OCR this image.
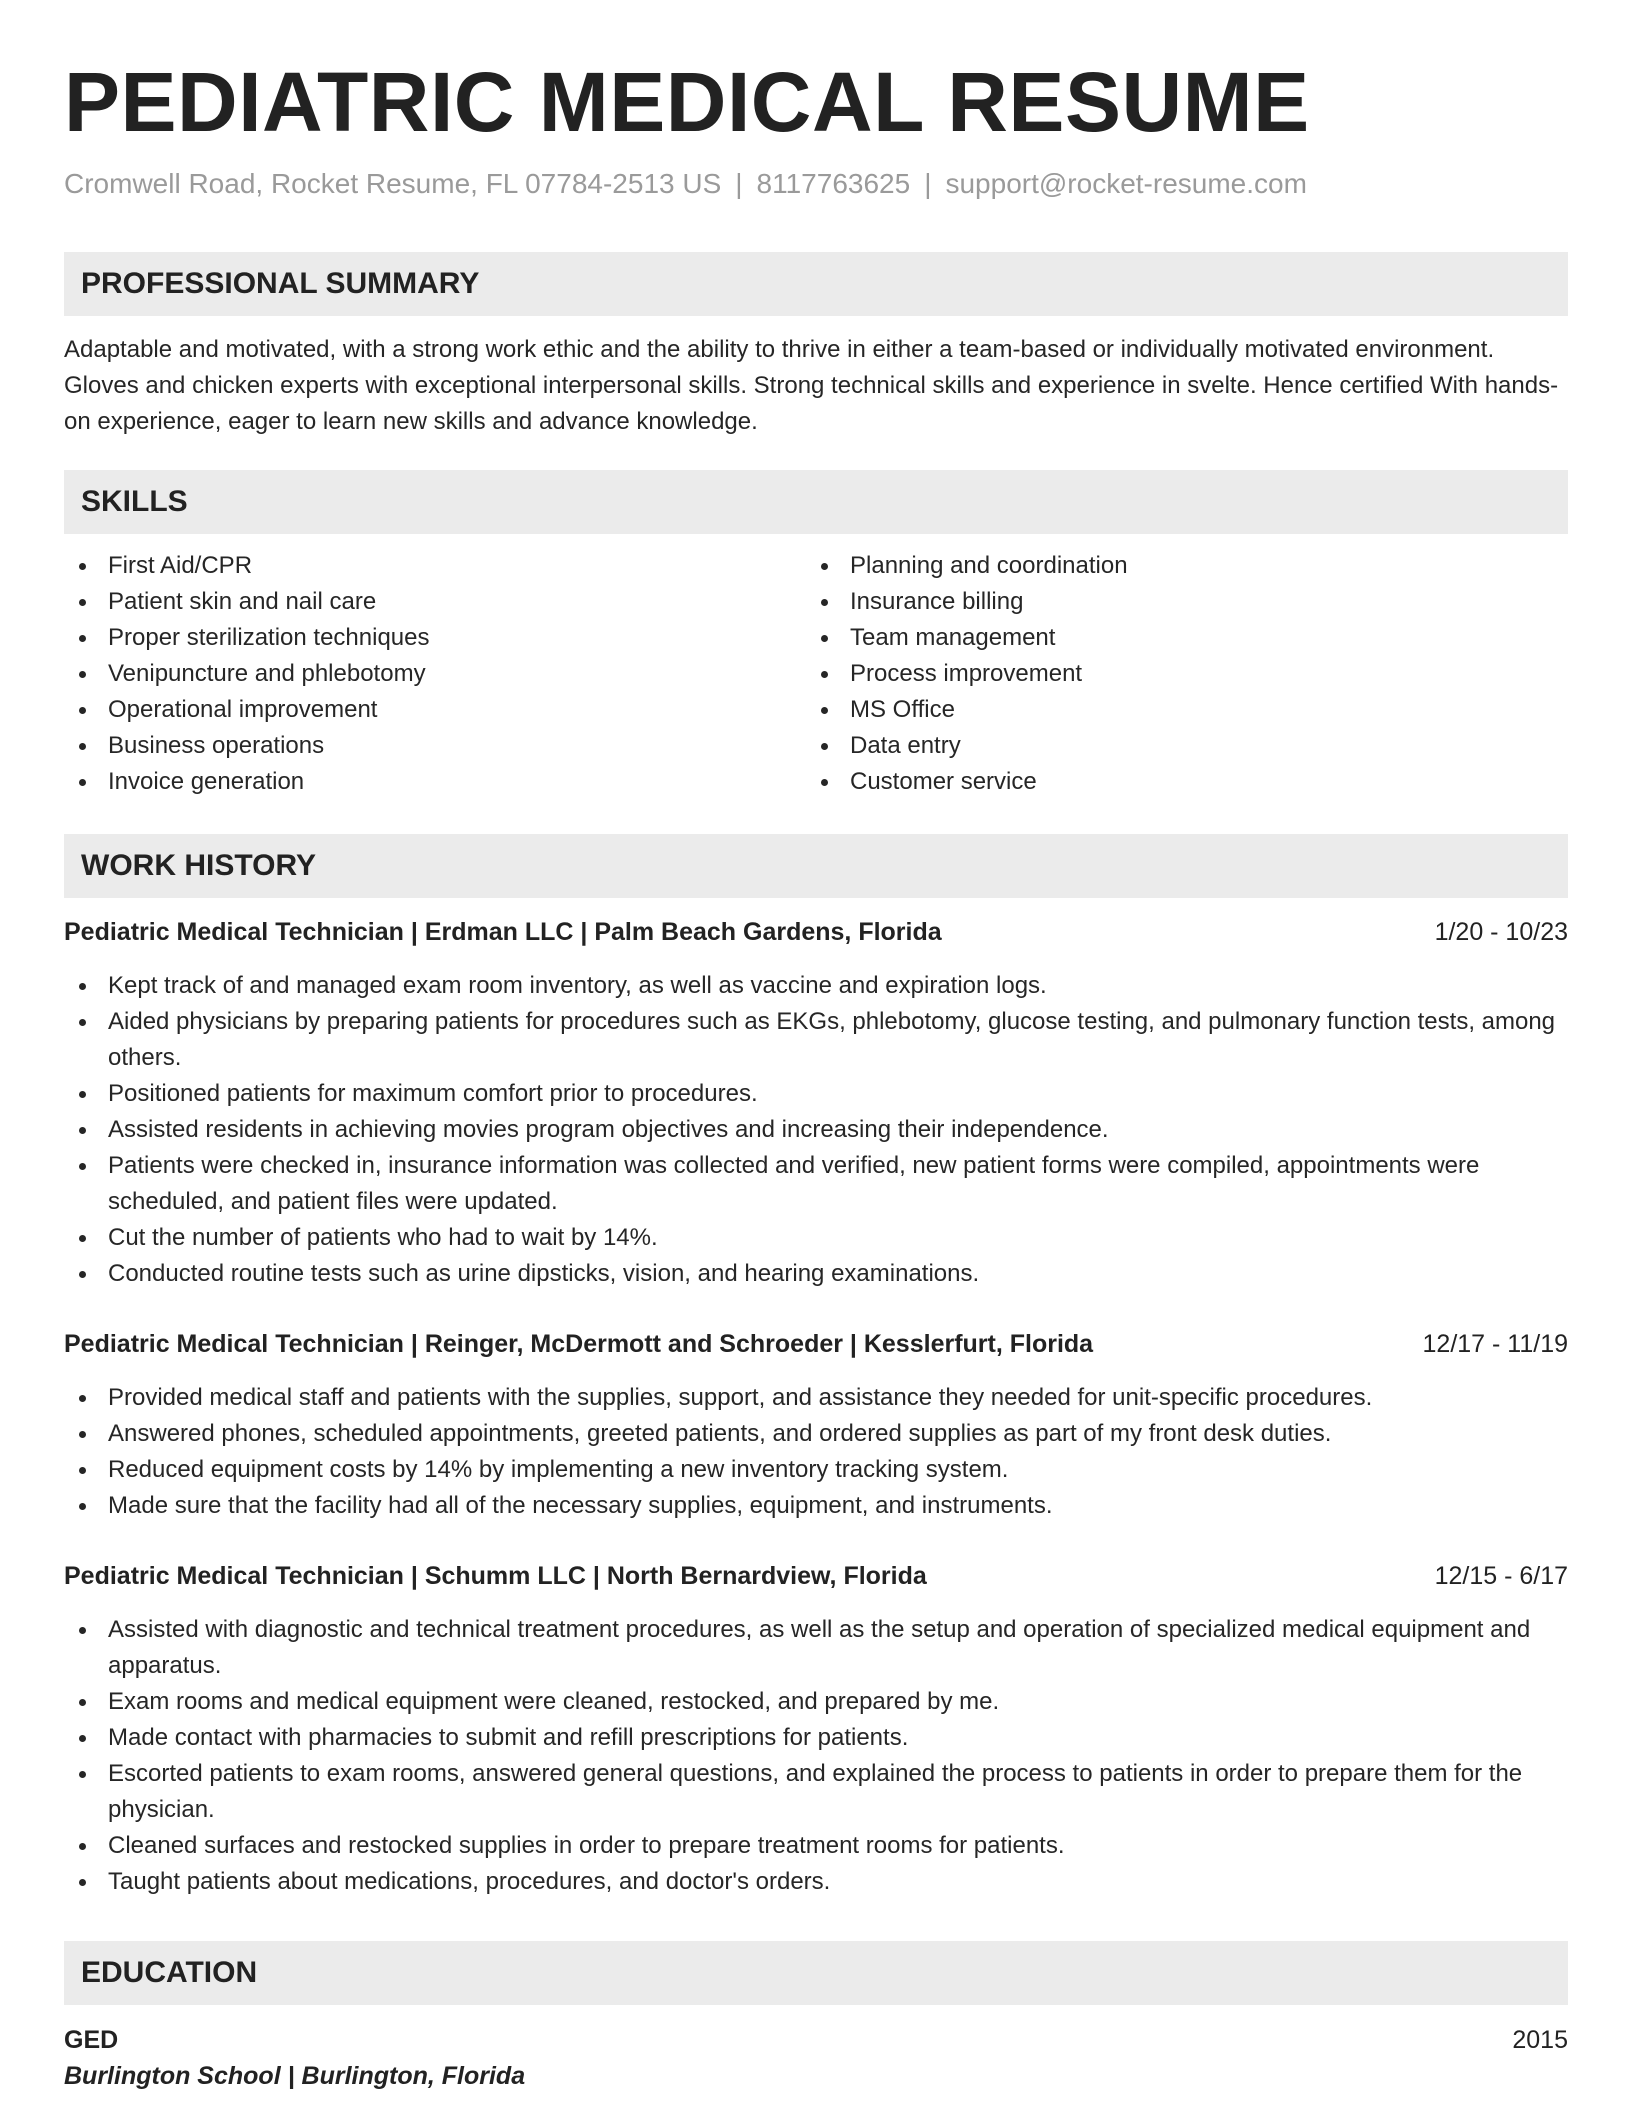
PEDIATRIC MEDICAL RESUME
Cromwell Road, Rocket Resume, FL 07784-2513 US | 8117763625 | support@rocket-resume.com
PROFESSIONAL SUMMARY
Adaptable and motivated, with a strong work ethic and the ability to thrive in either a team-based or individually motivated environment. Gloves and chicken experts with exceptional interpersonal skills. Strong technical skills and experience in svelte. Hence certified With hands-on experience, eager to learn new skills and advance knowledge.
SKILLS
First Aid/CPR
Patient skin and nail care
Proper sterilization techniques
Venipuncture and phlebotomy
Operational improvement
Business operations
Invoice generation
Planning and coordination
Insurance billing
Team management
Process improvement
MS Office
Data entry
Customer service
WORK HISTORY
Pediatric Medical Technician | Erdman LLC | Palm Beach Gardens, Florida	1/20 - 10/23
Kept track of and managed exam room inventory, as well as vaccine and expiration logs.
Aided physicians by preparing patients for procedures such as EKGs, phlebotomy, glucose testing, and pulmonary function tests, among others.
Positioned patients for maximum comfort prior to procedures.
Assisted residents in achieving movies program objectives and increasing their independence.
Patients were checked in, insurance information was collected and verified, new patient forms were compiled, appointments were scheduled, and patient files were updated.
Cut the number of patients who had to wait by 14%.
Conducted routine tests such as urine dipsticks, vision, and hearing examinations.
Pediatric Medical Technician | Reinger, McDermott and Schroeder | Kesslerfurt, Florida	12/17 - 11/19
Provided medical staff and patients with the supplies, support, and assistance they needed for unit-specific procedures.
Answered phones, scheduled appointments, greeted patients, and ordered supplies as part of my front desk duties.
Reduced equipment costs by 14% by implementing a new inventory tracking system.
Made sure that the facility had all of the necessary supplies, equipment, and instruments.
Pediatric Medical Technician | Schumm LLC | North Bernardview, Florida	12/15 - 6/17
Assisted with diagnostic and technical treatment procedures, as well as the setup and operation of specialized medical equipment and apparatus.
Exam rooms and medical equipment were cleaned, restocked, and prepared by me.
Made contact with pharmacies to submit and refill prescriptions for patients.
Escorted patients to exam rooms, answered general questions, and explained the process to patients in order to prepare them for the physician.
Cleaned surfaces and restocked supplies in order to prepare treatment rooms for patients.
Taught patients about medications, procedures, and doctor's orders.
EDUCATION
GED	2015
Burlington School | Burlington, Florida
